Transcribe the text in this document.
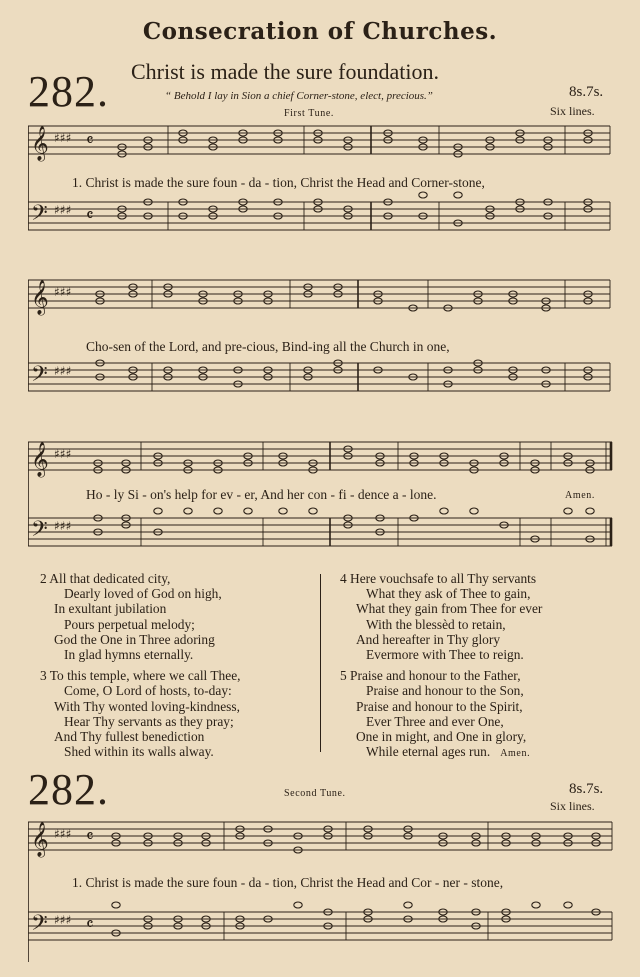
Consecration of Churches.
282. Christ is made the sure foundation.
“ Behold I lay in Sion a chief Corner-stone, elect, precious.”	8s.7s.
First Tune.	Six lines.
𝄞
𝄢
♯♯♯
♯♯♯
𝄴
𝄴
1. Christ is made the sure foun - da - tion, Christ the Head and Corner-stone,
𝄞
𝄢
♯♯♯
♯♯♯
Cho-sen of the Lord, and pre-cious, Bind-ing all the Church in one,
𝄞
𝄢
♯♯♯
♯♯♯
Ho - ly Si - on's help for ev - er, And her con - fi - dence a - lone.	Amen.
2 All that dedicated city,
Dearly loved of God on high,
In exultant jubilation
Pours perpetual melody;
God the One in Three adoring
In glad hymns eternally.
3 To this temple, where we call Thee,
Come, O Lord of hosts, to-day:
With Thy wonted loving-kindness,
Hear Thy servants as they pray;
And Thy fullest benediction
Shed within its walls alway.
4 Here vouchsafe to all Thy servants
What they ask of Thee to gain,
What they gain from Thee for ever
With the blessèd to retain,
And hereafter in Thy glory
Evermore with Thee to reign.
5 Praise and honour to the Father,
Praise and honour to the Son,
Praise and honour to the Spirit,
Ever Three and ever One,
One in might, and One in glory,
While eternal ages run. Amen.
282.	Second Tune.	8s.7s.
Six lines.
𝄞
𝄢
♯♯♯
♯♯♯
𝄴
𝄴
1. Christ is made the sure foun - da - tion, Christ the Head and Cor - ner - stone,
